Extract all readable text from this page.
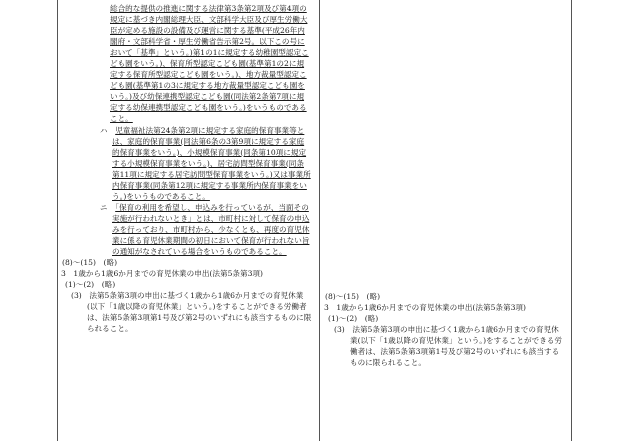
総合的な提供の推進に関する法律第3条第2項及び第4項の規定に基づき内閣総理大臣、文部科学大臣及び厚生労働大臣が定める施設の設備及び運営に関する基準(平成26年内閣府・文部科学省・厚生労働省告示第2号。以下この号において「基準」という。)第1の1に規定する幼稚園型認定こども園をいう。)、保育所型認定こども園(基準第1の2に規定する保育所型認定こども園をいう。)、地方裁量型認定こども園(基準第1の3に規定する地方裁量型認定こども園をいう。)及び幼保連携型認定こども園(同法第2条第7項に規定する幼保連携型認定こども園をいう。)をいうものであること。

ハ　 児童福祉法第24条第2項に規定する家庭的保育事業等とは、家庭的保育事業(同法第6条の3第9項に規定する家庭的保育事業をいう。)、小規模保育事業(同条第10項に規定する小規模保育事業をいう。)、居宅訪問型保育事業(同条第11項に規定する居宅訪問型保育事業をいう。)又は事業所内保育事業(同条第12項に規定する事業所内保育事業をいう。)をいうものであること。

ニ　 「保育の利用を希望し、申込みを行っているが、当面その実施が行われないとき」とは、市町村に対して保育の申込みを行っており、市町村から、少なくとも、再度の育児休業に係る育児休業期間の初日において保育が行われない旨の通知がなされている場合をいうものであること。

(8)～(15)　(略)

3　1歳から1歳6か月までの育児休業の申出(法第5条第3項)

(1)～(2)　(略)

(3)　 法第5条第3項の申出に基づく1歳から1歳6か月までの育児休業(以下「1歳以降の育児休業」という。)をすることができる労働者は、法第5条第3項第1号及び第2号のいずれにも該当するものに限られること。

(8)～(15)　(略)

3　1歳から1歳6か月までの育児休業の申出(法第5条第3項)

(1)～(2)　(略)

(3)　 法第5条第3項の申出に基づく1歳から1歳6か月までの育児休業(以下「1歳以降の育児休業」という。)をすることができる労働者は、法第5条第3項第1号及び第2号のいずれにも該当するものに限られること。
